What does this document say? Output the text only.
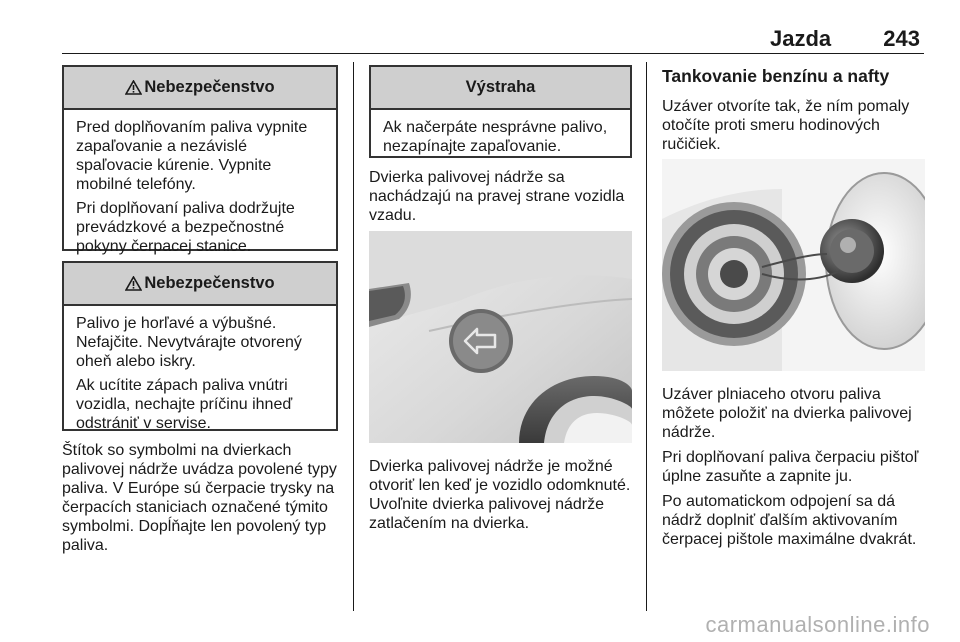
Jazda 243
Nebezpečenstvo

Pred doplňovaním paliva vypnite zapaľovanie a nezávislé spaľovacie kúrenie. Vypnite mobilné telefóny.

Pri doplňovaní paliva dodržujte prevádzkové a bezpečnostné pokyny čerpacej stanice.

Nebezpečenstvo

Palivo je horľavé a výbušné. Nefajčite. Nevytvárajte otvorený oheň alebo iskry.

Ak ucítite zápach paliva vnútri vozidla, nechajte príčinu ihneď odstrániť v servise.

Štítok so symbolmi na dvierkach palivovej nádrže uvádza povolené typy paliva. V Európe sú čerpacie trysky na čerpacích staniciach označené týmito symbolmi. Dopĺňajte len povolený typ paliva.

Výstraha

Ak načerpáte nesprávne palivo, nezapínajte zapaľovanie.

Dvierka palivovej nádrže sa nachádzajú na pravej strane vozidla vzadu.

Dvierka palivovej nádrže je možné otvoriť len keď je vozidlo odomknuté. Uvoľnite dvierka palivovej nádrže zatlačením na dvierka.

Tankovanie benzínu a nafty

Uzáver otvoríte tak, že ním pomaly otočíte proti smeru hodinových ručičiek.

Uzáver plniaceho otvoru paliva môžete položiť na dvierka palivovej nádrže.

Pri doplňovaní paliva čerpaciu pištoľ úplne zasuňte a zapnite ju.

Po automatickom odpojení sa dá nádrž doplniť ďalším aktivovaním čerpacej pištole maximálne dvakrát.

carmanualsonline.info
